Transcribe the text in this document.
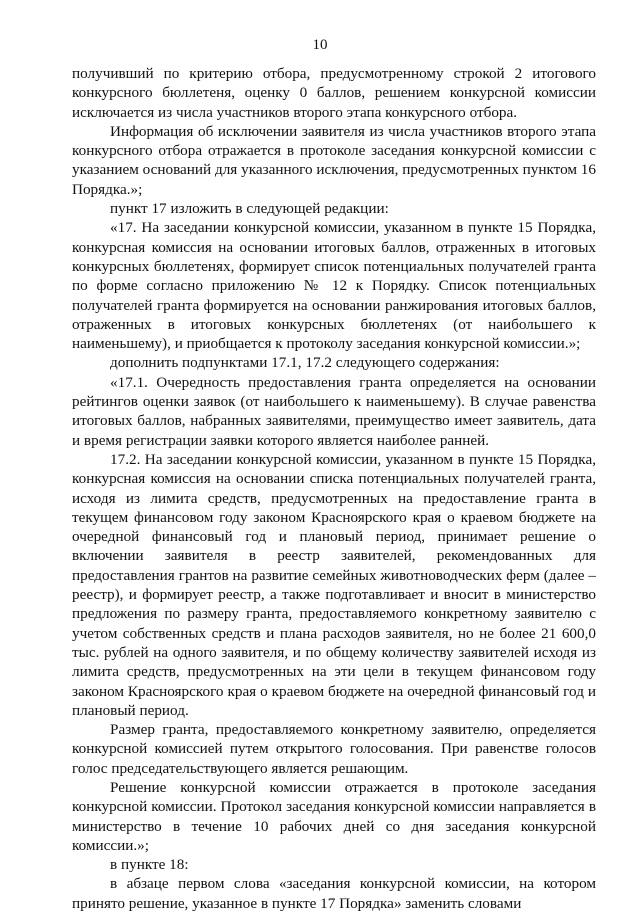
10

получивший по критерию отбора, предусмотренному строкой 2 итогового конкурсного бюллетеня, оценку 0 баллов, решением конкурсной комиссии исключается из числа участников второго этапа конкурсного отбора.

Информация об исключении заявителя из числа участников второго этапа конкурсного отбора отражается в протоколе заседания конкурсной комиссии с указанием оснований для указанного исключения, предусмотренных пунктом 16 Порядка.»;

пункт 17 изложить в следующей редакции:

«17. На заседании конкурсной комиссии, указанном в пункте 15 Порядка, конкурсная комиссия на основании итоговых баллов, отраженных в итоговых конкурсных бюллетенях, формирует список потенциальных получателей гранта по форме согласно приложению № 12 к Порядку. Список потенциальных получателей гранта формируется на основании ранжирования итоговых баллов, отраженных в итоговых конкурсных бюллетенях (от наибольшего к наименьшему), и приобщается к протоколу заседания конкурсной комиссии.»;

дополнить подпунктами 17.1, 17.2 следующего содержания:

«17.1. Очередность предоставления гранта определяется на основании рейтингов оценки заявок (от наибольшего к наименьшему). В случае равенства итоговых баллов, набранных заявителями, преимущество имеет заявитель, дата и время регистрации заявки которого является наиболее ранней.

17.2. На заседании конкурсной комиссии, указанном в пункте 15 Порядка, конкурсная комиссия на основании списка потенциальных получателей гранта, исходя из лимита средств, предусмотренных на предоставление гранта в текущем финансовом году законом Красноярского края о краевом бюджете на очередной финансовый год и плановый период, принимает решение о включении заявителя в реестр заявителей, рекомендованных для предоставления грантов на развитие семейных животноводческих ферм (далее – реестр), и формирует реестр, а также подготавливает и вносит в министерство предложения по размеру гранта, предоставляемого конкретному заявителю с учетом собственных средств и плана расходов заявителя, но не более 21 600,0 тыс. рублей на одного заявителя, и по общему количеству заявителей исходя из лимита средств, предусмотренных на эти цели в текущем финансовом году законом Красноярского края о краевом бюджете на очередной финансовый год и плановый период.

Размер гранта, предоставляемого конкретному заявителю, определяется конкурсной комиссией путем открытого голосования. При равенстве голосов голос председательствующего является решающим.

Решение конкурсной комиссии отражается в протоколе заседания конкурсной комиссии. Протокол заседания конкурсной комиссии направляется в министерство в течение 10 рабочих дней со дня заседания конкурсной комиссии.»;

в пункте 18:

в абзаце первом слова «заседания конкурсной комиссии, на котором принято решение, указанное в пункте 17 Порядка» заменить словами
